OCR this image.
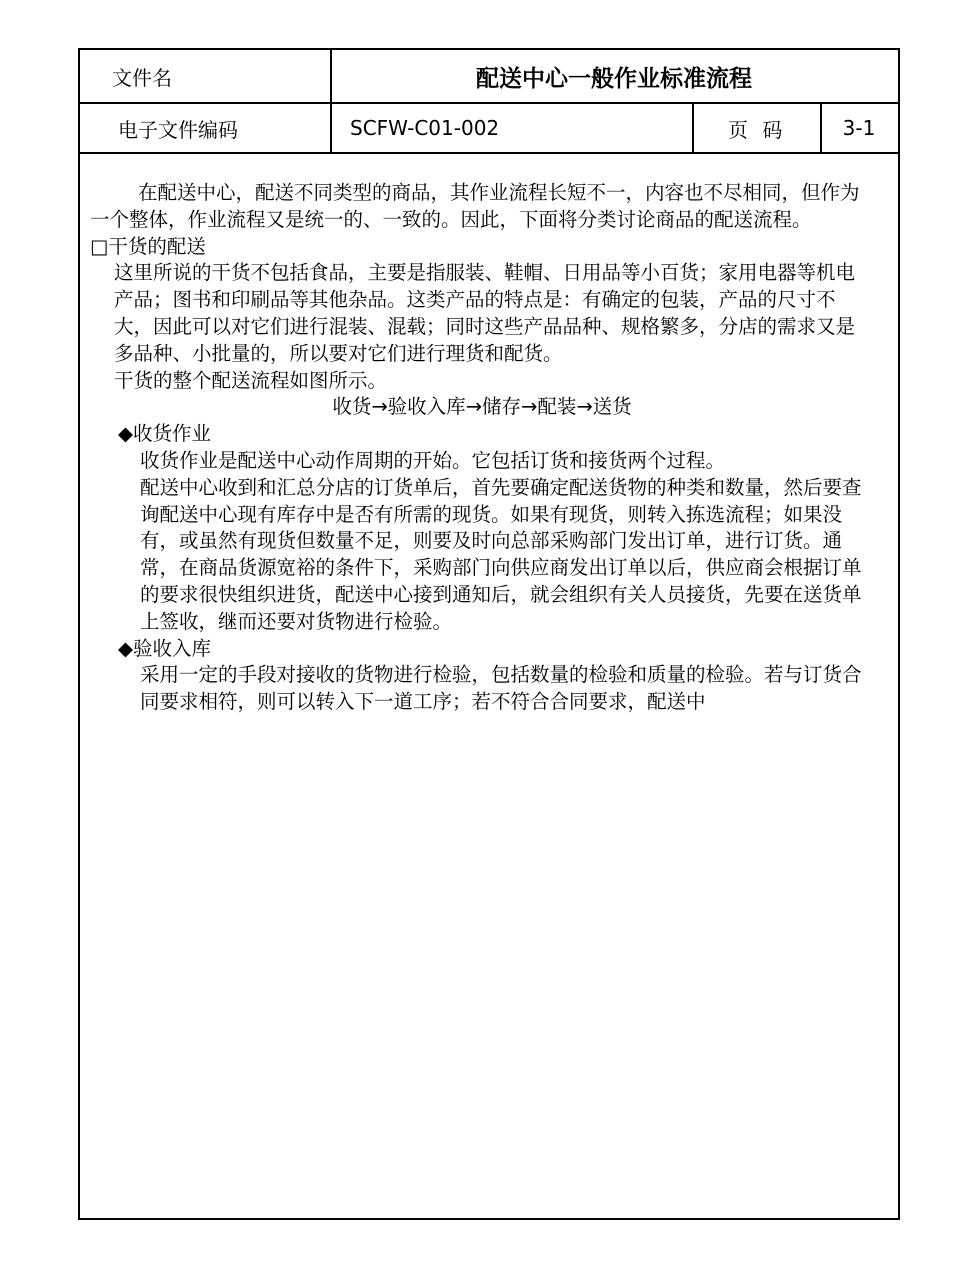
文件名	配送中心一般作业标准流程
电子文件编码	SCFW-C01-002	页 码	3-1

在配送中心，配送不同类型的商品，其作业流程长短不一，内容也不尽相同，但作为一个整体，作业流程又是统一的、一致的。因此，下面将分类讨论商品的配送流程。

□干货的配送

这里所说的干货不包括食品，主要是指服装、鞋帽、日用品等小百货；家用电器等机电产品；图书和印刷品等其他杂品。这类产品的特点是：有确定的包装，产品的尺寸不大，因此可以对它们进行混装、混载；同时这些产品品种、规格繁多，分店的需求又是多品种、小批量的，所以要对它们进行理货和配货。

干货的整个配送流程如图所示。

收货→验收入库→储存→配装→送货

◆收货作业

收货作业是配送中心动作周期的开始。它包括订货和接货两个过程。

配送中心收到和汇总分店的订货单后，首先要确定配送货物的种类和数量，然后要查询配送中心现有库存中是否有所需的现货。如果有现货，则转入拣选流程；如果没有，或虽然有现货但数量不足，则要及时向总部采购部门发出订单，进行订货。通常，在商品货源宽裕的条件下，采购部门向供应商发出订单以后，供应商会根据订单的要求很快组织进货，配送中心接到通知后，就会组织有关人员接货，先要在送货单上签收，继而还要对货物进行检验。

◆验收入库

采用一定的手段对接收的货物进行检验，包括数量的检验和质量的检验。若与订货合同要求相符，则可以转入下一道工序；若不符合合同要求，配送中
